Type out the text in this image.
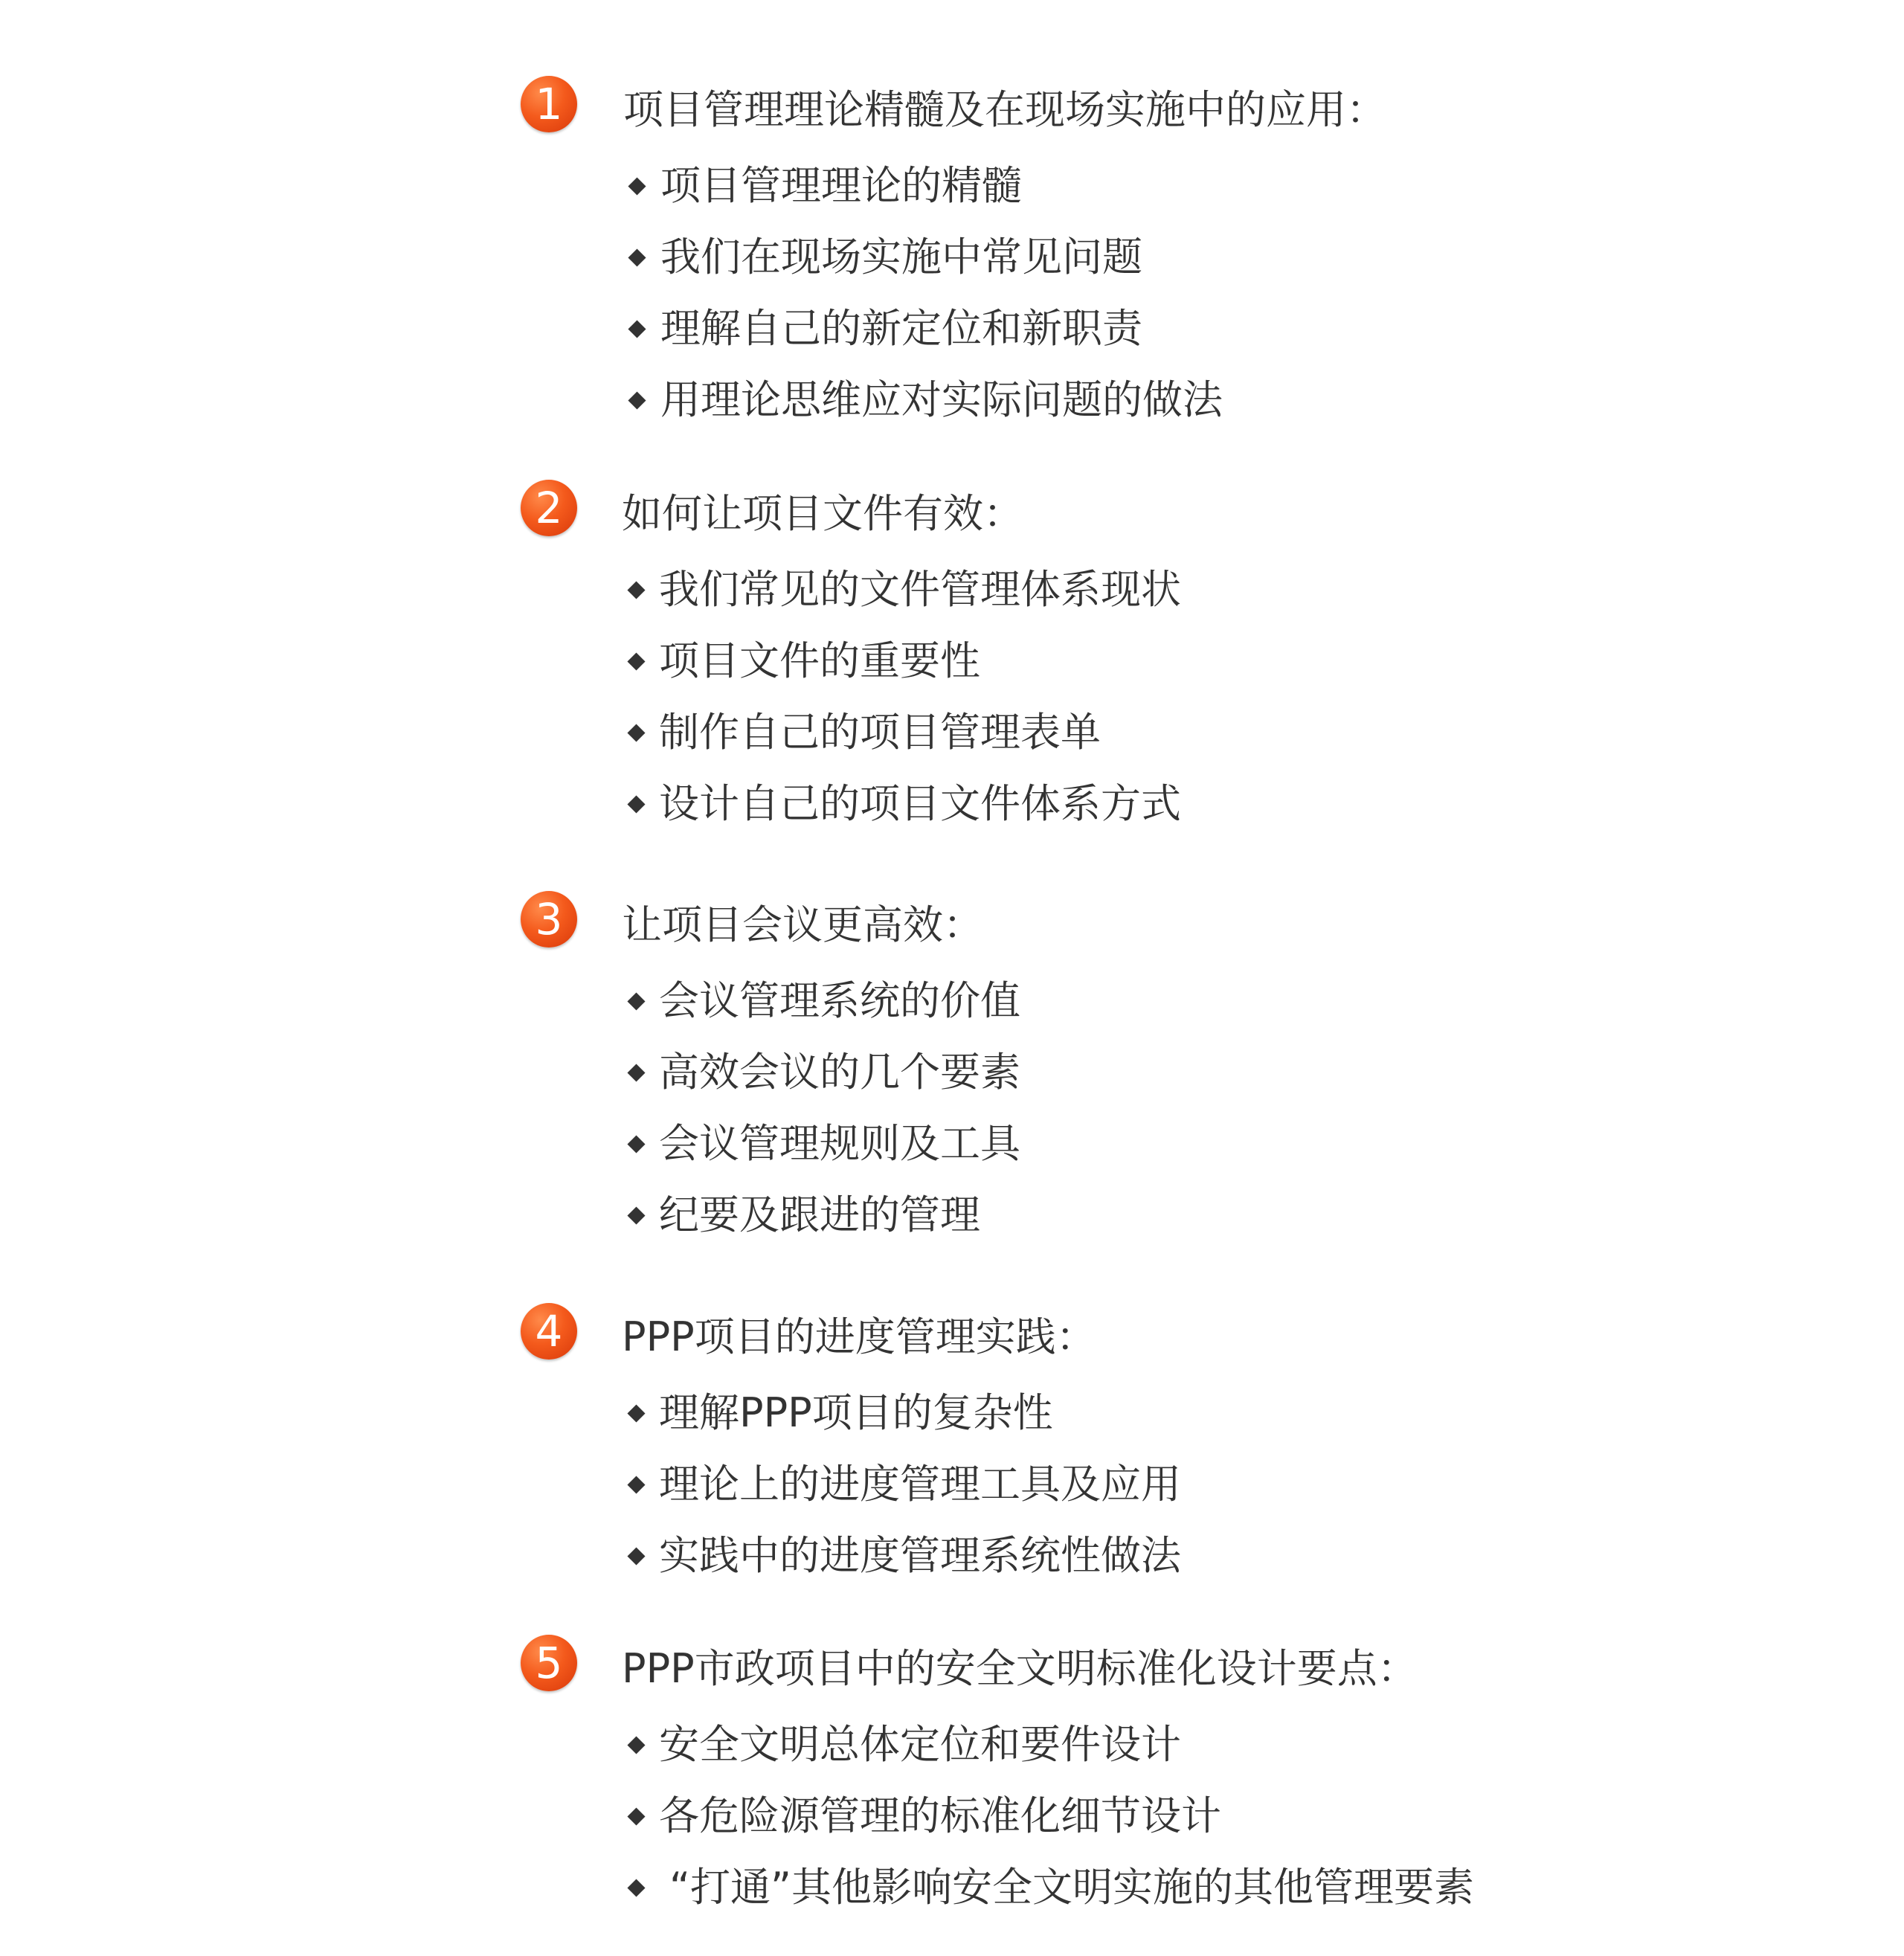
1	项目管理理论精髓及在现场实施中的应用：
项目管理理论的精髓
我们在现场实施中常见问题
理解自己的新定位和新职责
用理论思维应对实际问题的做法
2	如何让项目文件有效：
我们常见的文件管理体系现状
项目文件的重要性
制作自己的项目管理表单
设计自己的项目文件体系方式
3	让项目会议更高效：
会议管理系统的价值
高效会议的几个要素
会议管理规则及工具
纪要及跟进的管理
4	PPP项目的进度管理实践：
理解PPP项目的复杂性
理论上的进度管理工具及应用
实践中的进度管理系统性做法
5	PPP市政项目中的安全文明标准化设计要点：
安全文明总体定位和要件设计
各危险源管理的标准化细节设计
“打通”其他影响安全文明实施的其他管理要素
